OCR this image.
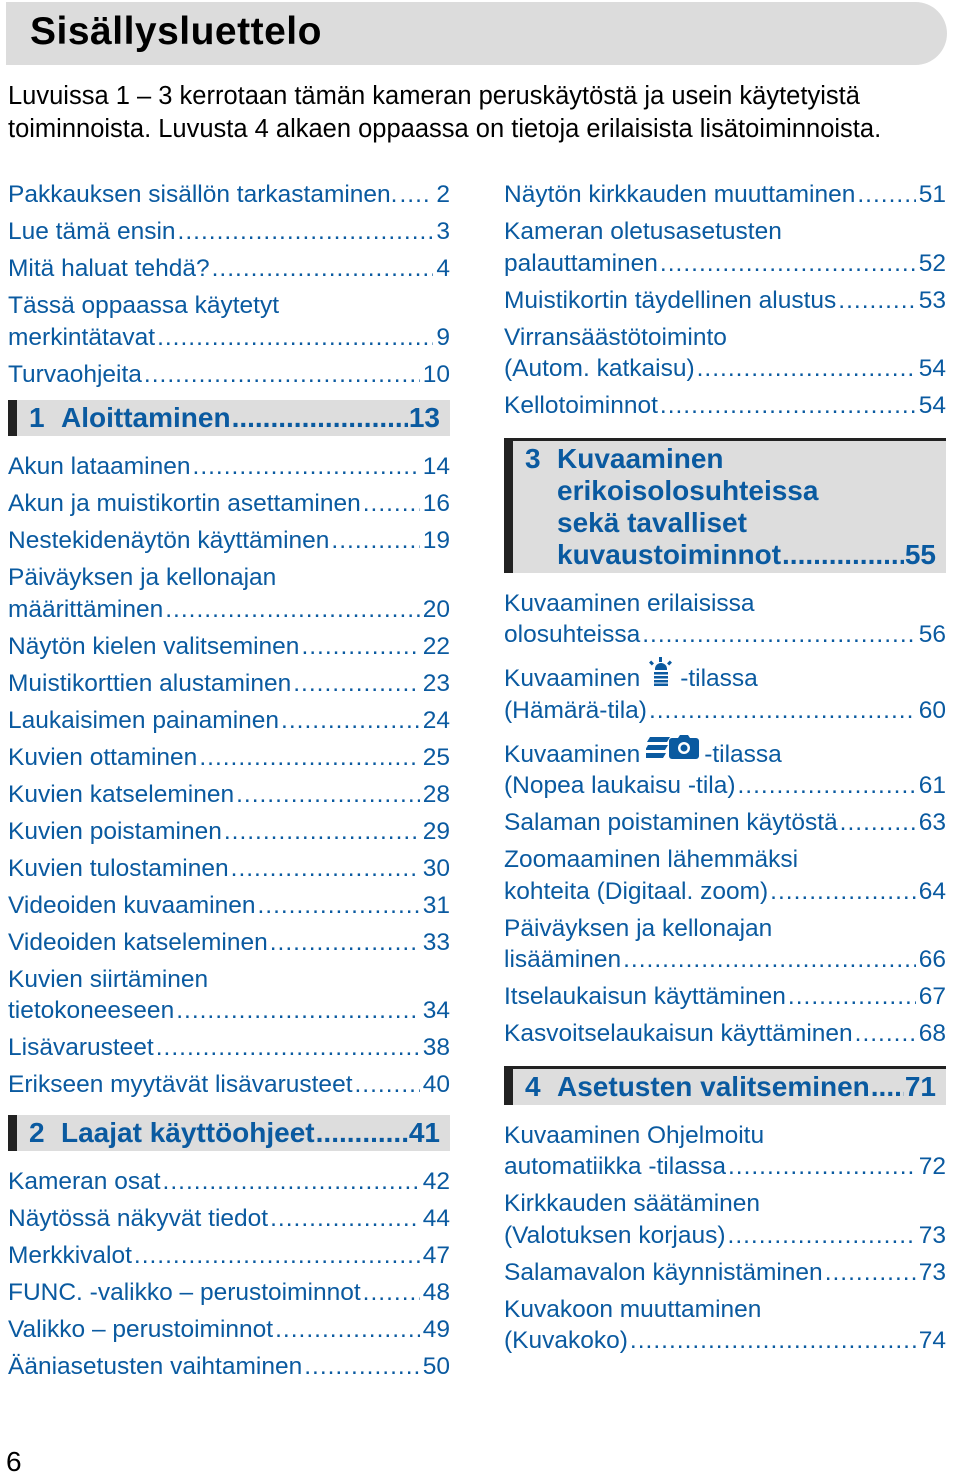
Sisällysluettelo

Luvuissa 1 – 3 kerrotaan tämän kameran peruskäytöstä ja usein käytetyistä toiminnoista. Luvusta 4 alkaen oppaassa on tietoja erilaisista lisätoiminnoista.

Pakkauksen sisällön tarkastaminen. ..... 2
Lue tämä ensin .....	3
Mitä haluat tehdä? .....	4
Tässä oppaassa käytetyt
merkintätavat .....	9
Turvaohjeita .....	10
1 Aloittaminen .....	13
Akun lataaminen .....	14
Akun ja muistikortin asettaminen .....	16
Nestekidenäytön käyttäminen .....	19
Päiväyksen ja kellonajan
määrittäminen .....	20
Näytön kielen valitseminen .....	22
Muistikorttien alustaminen .....	23
Laukaisimen painaminen .....	24
Kuvien ottaminen .....	25
Kuvien katseleminen .....	28
Kuvien poistaminen .....	29
Kuvien tulostaminen .....	30
Videoiden kuvaaminen .....	31
Videoiden katseleminen .....	33
Kuvien siirtäminen
tietokoneeseen .....	34
Lisävarusteet .....	38
Erikseen myytävät lisävarusteet .....	40
2 Laajat käyttöohjeet .....	41
Kameran osat .....	42
Näytössä näkyvät tiedot .....	44
Merkkivalot .....	47
FUNC. -valikko – perustoiminnot .....	48
Valikko – perustoiminnot .....	49
Ääniasetusten vaihtaminen .....	50
Näytön kirkkauden muuttaminen .....	51
Kameran oletusasetusten
palauttaminen .....	52
Muistikortin täydellinen alustus .....	53
Virransäästötoiminto
(Autom. katkaisu) .....	54
Kellotoiminnot .....	54
3 Kuvaaminen
erikoisolosuhteissa
sekä tavalliset
kuvaustoiminnot .....	55
Kuvaaminen erilaisissa
olosuhteissa .....	56
Kuvaaminen -tilassa
(Hämärä-tila) .....	60
Kuvaaminen	-tilassa
(Nopea laukaisu -tila) .....	61
Salaman poistaminen käytöstä .....	63
Zoomaaminen lähemmäksi
kohteita (Digitaal. zoom) .....	64
Päiväyksen ja kellonajan
lisääminen .....	66
Itselaukaisun käyttäminen .....	67
Kasvoitselaukaisun käyttäminen .....	68
4 Asetusten valitseminen ..... 71
Kuvaaminen Ohjelmoitu
automatiikka -tilassa .....	72
Kirkkauden säätäminen
(Valotuksen korjaus) .....	73
Salamavalon käynnistäminen .....	73
Kuvakoon muuttaminen
(Kuvakoko) .....	74
6
